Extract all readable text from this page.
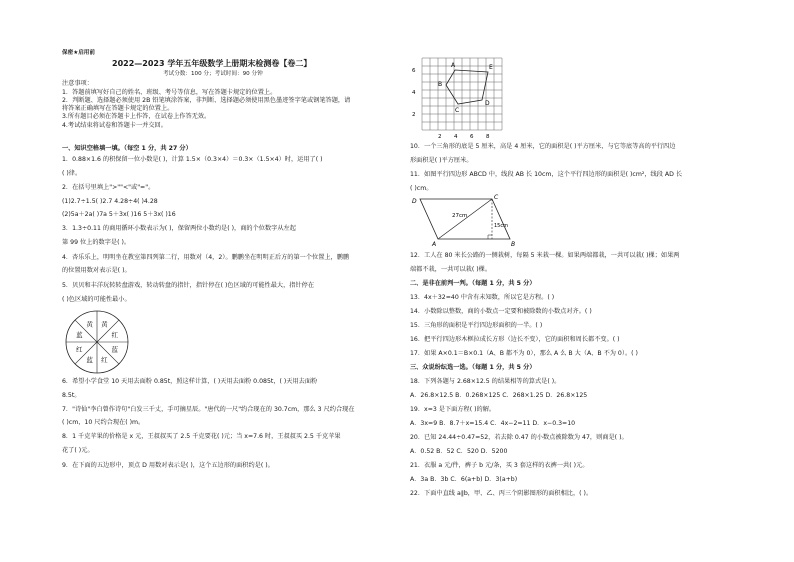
保密★启用前
2022—2023 学年五年级数学上册期末检测卷【卷二】
考试分数：100 分；考试时间：90 分钟
注意事项：
1．答题前填写好自己的姓名、班级、考号等信息，写在答题卡规定的位置上。
2．判断题、选择题必须使用 2B 铅笔填涂答案，非判断、选择题必须使用黑色墨迹签字笔或钢笔答题，请
将答案正确填写在答题卡规定的位置上。
3.所有题目必须在答题卡上作答，在试卷上作答无效。
4.考试结束将试卷和答题卡一并交回。
一、知识空格填一填。（每空 1 分，共 27 分）
1．0.88×1.6 的积保留一位小数是( )，计算 1.5×（0.3×4）＝0.3×（1.5×4）时，运用了( )
( )律。
2．在括号里填上">""<"或"="。
(1)2.7÷1.5( )2.7 4.28÷4( )4.28
(2)5a＋2a( )7a 5＋3x( )16 5＋3x( )16
3．1.3÷0.11 的商用循环小数表示为( )，保留两位小数约是( )，商的个位数字从左起
第 99 位上的数字是( )。
4．杏乐乐上，明明坐在教室第四列第二行，用数对（4，2）。鹏鹏坐在明明正后方的第一个位置上，鹏鹏
的位置用数对表示是( )。
5．贝贝和丰洋玩转转盘游戏，转动转盘的指针，指针停在( )色区域的可能性最大，指针停在
( )色区域的可能性最小。
黄
红
蓝
红
蓝
红
蓝
黄
6．希望小学食堂 10 天用去面粉 0.85t，照这样计算，( )天用去面粉 0.085t，( )天用去面粉
8.5t。
7．"诗仙"李白曾作诗句"白发三千丈，手可摘星辰。"唐代的一尺"约合现在的 30.7cm，那么 3 尺约合现在
( )cm，10 尺约合现在( )m。
8．1 千克苹果的价格是 x 元，王叔叔买了 2.5 千克要花( )元；当 x=7.6 时，王叔叔买 2.5 千克苹果
花了( )元。
9．在下面的五边形中，顶点 D 用数对表示是( )，这个五边形的面积约是( )。
A	E
B
D
C
6
4
2
2 4 6 8
10．一个三角形的底是 5 厘米，高是 4 厘米，它的面积是( )平方厘米，与它等底等高的平行四边
形面积是( )平方厘米。
11．如图平行四边形 ABCD 中，线段 AB 长 10cm，这个平行四边形的面积是( )cm²，线段 AD 长
( )cm。
D
C
A	B
27cm
15cm
12．工人在 80 米长公路的一侧栽树，每隔 5 米栽一棵。如果两端都栽，一共可以栽( )棵；如果两
端都不栽，一共可以栽( )棵。
二、是非在前判一判。（每题 1 分，共 5 分）
13．4x＋32=40 中含有未知数，所以它是方程。( )
14．小数除以整数，商的小数点一定要和被除数的小数点对齐。( )
15．三角形的面积是平行四边形面积的一半。( )
16．把平行四边形木框拉成长方形（边长不变），它的面积和周长都不变。( )
17．如果 A×0.1＝B×0.1（A、B 都不为 0），那么 A 么 B 大（A、B 不为 0）。( )
三、众说纷纭选一选。（每题 1 分，共 5 分）
18．下列各题与 2.68×12.5 的结果相等的算式是( )。
A．26.8×12.5 B．0.268×125 C．268×1.25 D．26.8×125
19．x=3 是下面方程( )的解。
A．3x=9 B．8.7＋x=15.4 C．4x−2=11 D．x−0.3=10
20．已知 24.44÷0.47=52，若去除 0.47 的小数点被除数为 47，则商是( )。
A．0.52 B．52 C．520 D．5200
21．衣服 a 元/件，裤子 b 元/条，买 3 套这样的衣裤一共( )元。
A．3a B．3b C．6(a+b) D．3(a+b)
22．下面中直线 a∥b，甲、乙、丙三个阴影图形的面积相比，( )。
